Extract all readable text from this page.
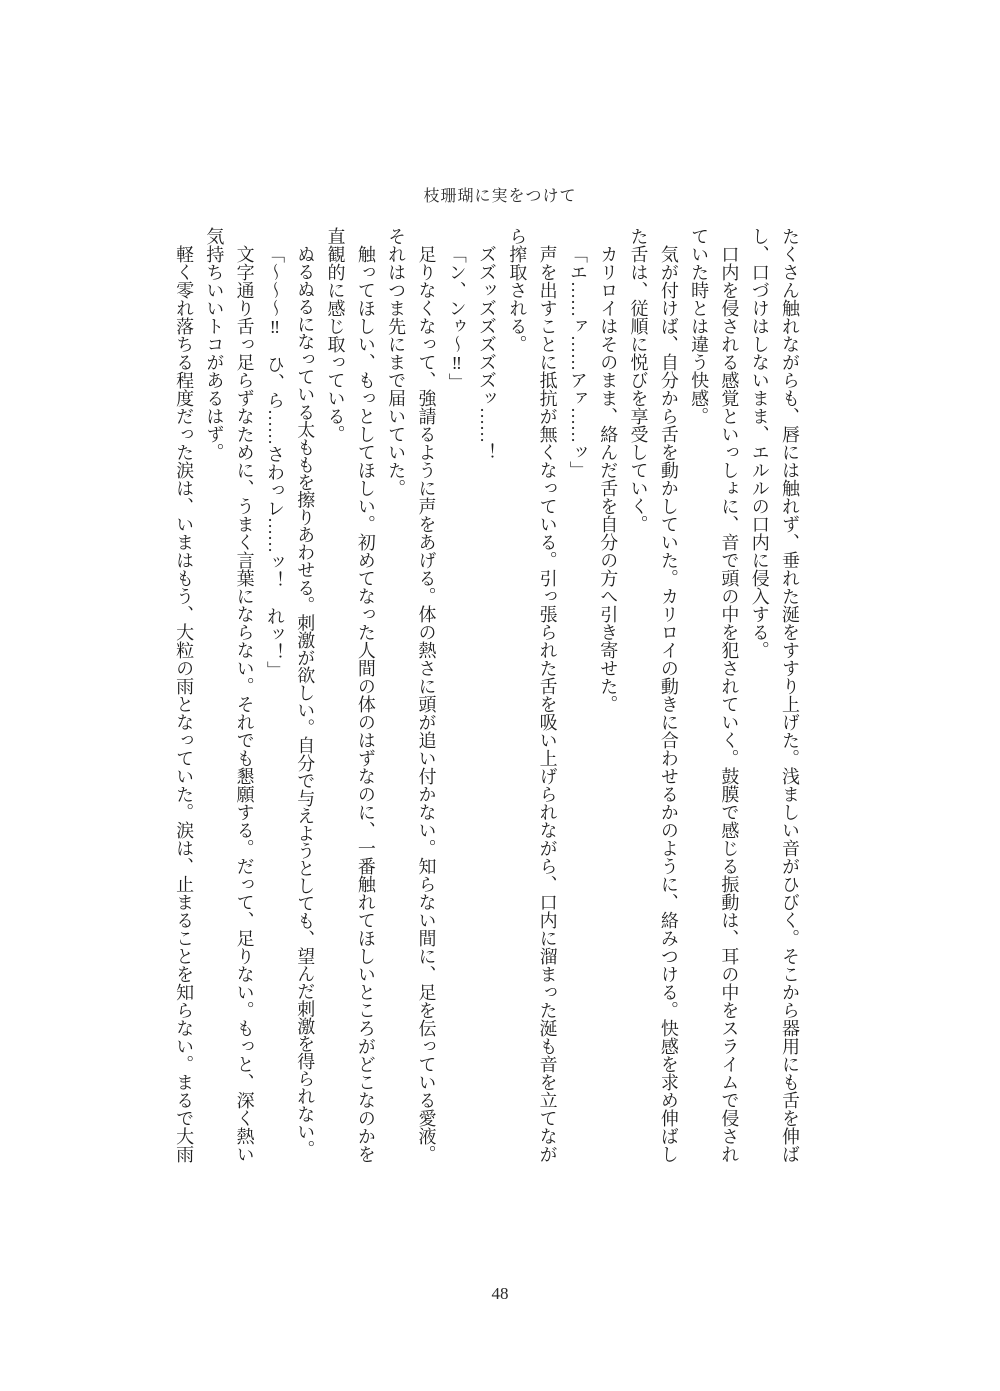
枝珊瑚に実をつけて

たくさん触れながらも、唇には触れず、垂れた涎をすすり上げた。浅ましい音がひびく。そこから器用にも舌を伸ばし、口づけはしないまま、エルルの口内に侵入する。

口内を侵される感覚といっしょに、音で頭の中を犯されていく。鼓膜で感じる振動は、耳の中をスライムで侵されていた時とは違う快感。

気が付けば、自分から舌を動かしていた。カリロイの動きに合わせるかのように、絡みつける。快感を求め伸ばした舌は、従順に悦びを享受していく。

カリロイはそのまま、絡んだ舌を自分の方へ引き寄せた。

「エ……ァ……アァ……ッ」

声を出すことに抵抗が無くなっている。引っ張られた舌を吸い上げられながら、口内に溜まった涎も音を立てながら搾取される。

ズズッズズズズズッ……！

「ン、ンゥ〜‼」

足りなくなって、強請るように声をあげる。体の熱さに頭が追い付かない。知らない間に、足を伝っている愛液。それはつま先にまで届いていた。

触ってほしい、もっとしてほしい。初めてなった人間の体のはずなのに、一番触れてほしいところがどこなのかを直観的に感じ取っている。

ぬるぬるになっている太ももを擦りあわせる。刺激が欲しい。自分で与えようとしても、望んだ刺激を得られない。

「〜〜〜‼　ひ、ら……さわっレ……ッ！　れッ！」

文字通り舌っ足らずなために、うまく言葉にならない。それでも懇願する。だって、足りない。もっと、深く熱い気持ちいいトコがあるはず。

軽く零れ落ちる程度だった涙は、いまはもう、大粒の雨となっていた。涙は、止まることを知らない。まるで大雨

48
